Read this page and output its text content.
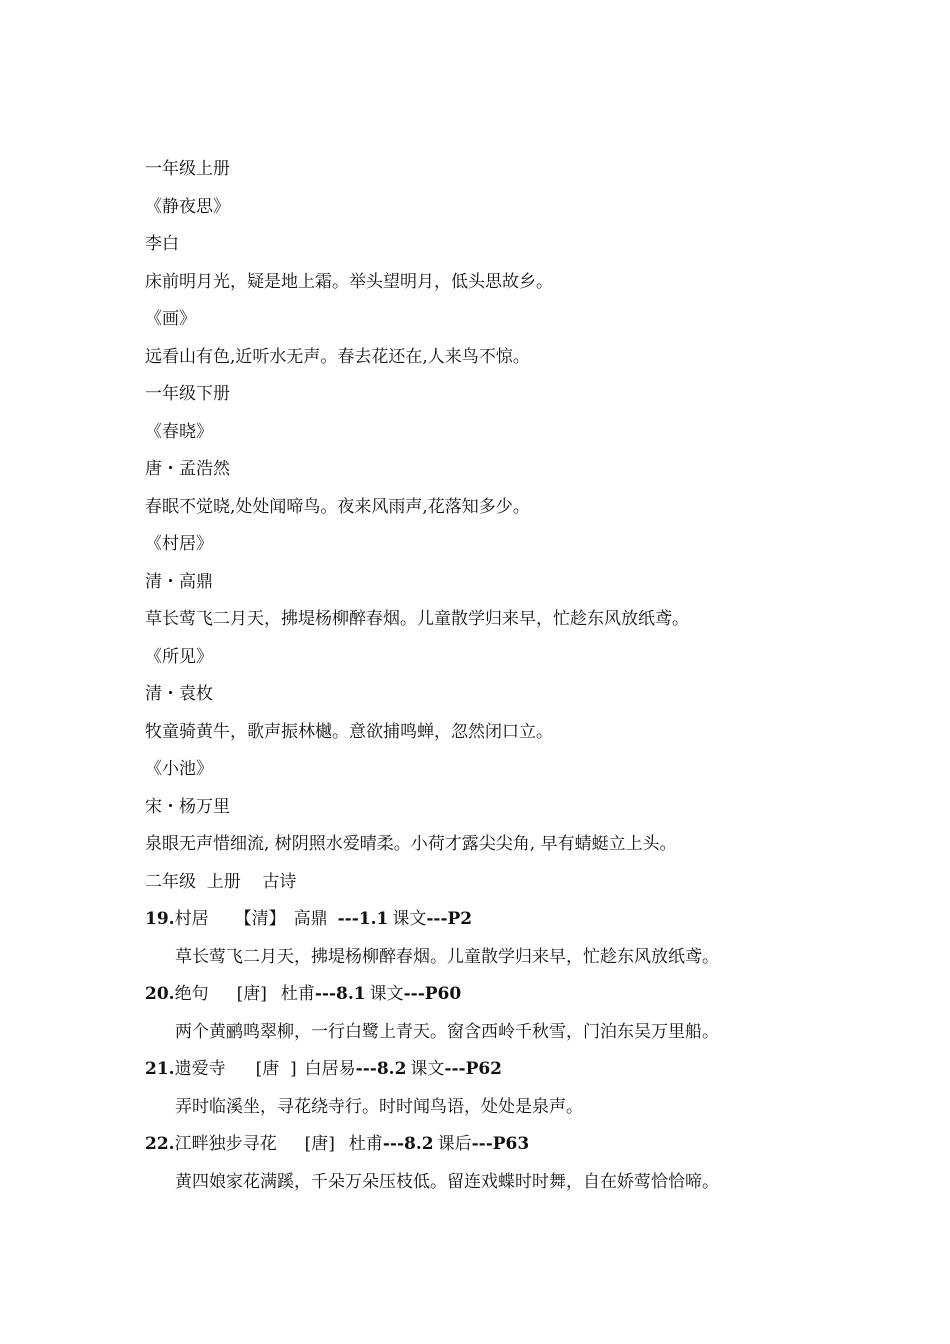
一年级上册
《静夜思》
李白
床前明月光，疑是地上霜。举头望明月，低头思故乡。
《画》
远看山有色,近听水无声。春去花还在,人来鸟不惊。
一年级下册
《春晓》
唐・孟浩然
春眠不觉晓,处处闻啼鸟。夜来风雨声,花落知多少。
《村居》
清・高鼎
草长莺飞二月天，拂堤杨柳醉春烟。儿童散学归来早，忙趁东风放纸鸢。
《所见》
清・袁枚
牧童骑黄牛，歌声振林樾。意欲捕鸣蝉，忽然闭口立。
《小池》
宋・杨万里
泉眼无声惜细流, 树阴照水爱晴柔。小荷才露尖尖角, 早有蜻蜓立上头。
二年级  上册    古诗
19.村居 【清】 高鼎 ---1.1 课文---P2
草长莺飞二月天，拂堤杨柳醉春烟。儿童散学归来早，忙趁东风放纸鸢。
20.绝句 [唐] 杜甫---8.1 课文---P60
两个黄鹂鸣翠柳，一行白鹭上青天。窗含西岭千秋雪，门泊东吴万里船。
21.遗爱寺 [唐  ] 白居易---8.2 课文---P62
弄时临溪坐，寻花绕寺行。时时闻鸟语，处处是泉声。
22.江畔独步寻花 [唐] 杜甫---8.2 课后---P63
黄四娘家花满蹊，千朵万朵压枝低。留连戏蝶时时舞，自在娇莺恰恰啼。
